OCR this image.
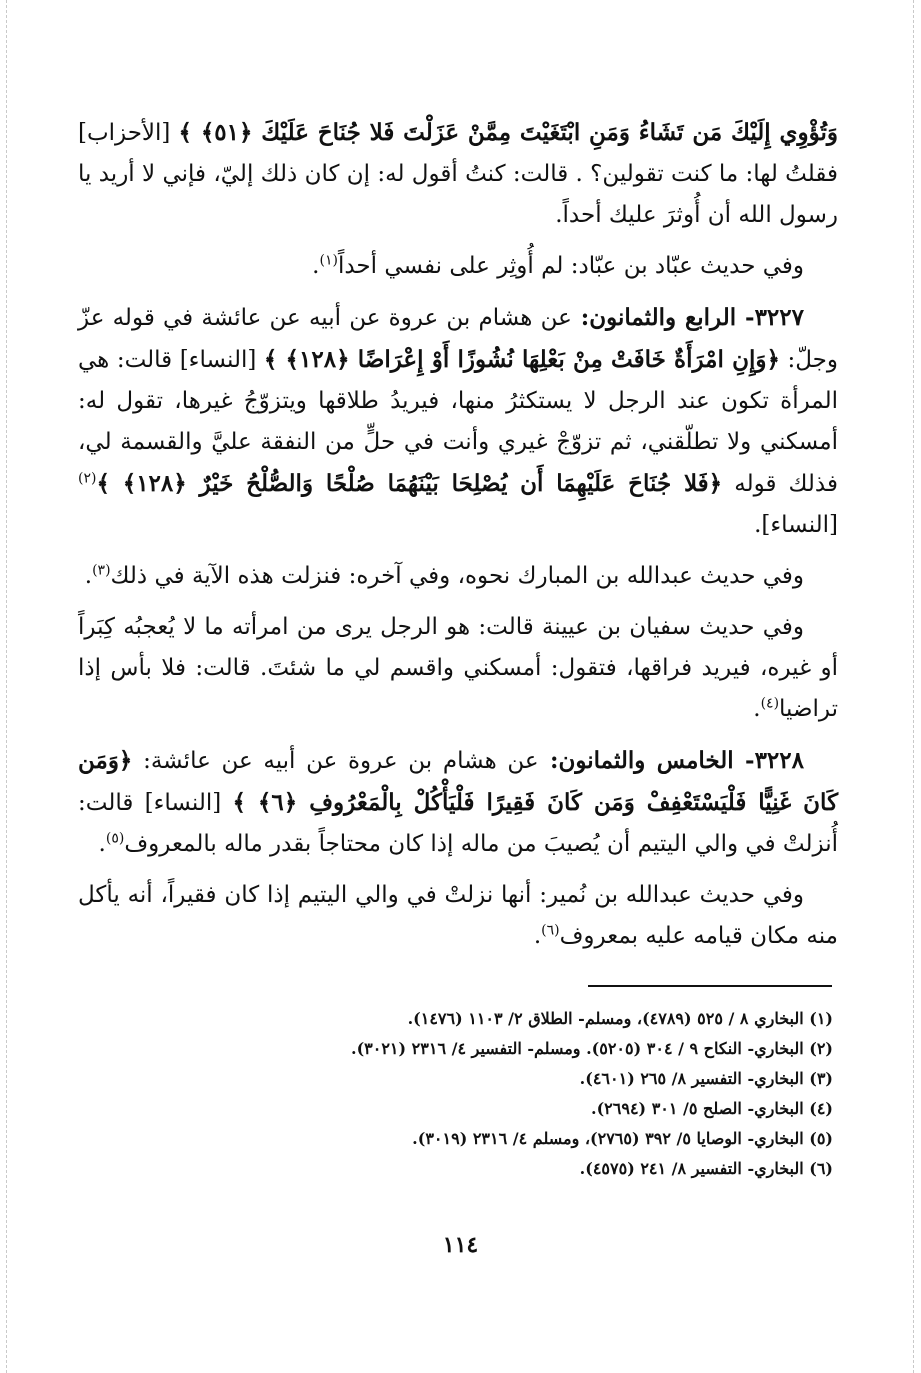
وَتُؤْوِي إِلَيْكَ مَن تَشَاءُ وَمَنِ ابْتَغَيْتَ مِمَّنْ عَزَلْتَ فَلا جُنَاحَ عَلَيْكَ ﴿٥١﴾ ﴾ [الأحزاب] فقلتُ لها: ما كنت تقولين؟ . قالت: كنتُ أقول له: إن كان ذلك إليّ، فإني لا أريد يا رسول الله أن أُوثرَ عليك أحداً.

وفي حديث عبّاد بن عبّاد: لم أُوثِر على نفسي أحداً$^{(١)}$.

٣٢٢٧- الرابع والثمانون: عن هشام بن عروة عن أبيه عن عائشة في قوله عزّ وجلّ: ﴿وَإِنِ امْرَأَةٌ خَافَتْ مِنْ بَعْلِهَا نُشُوزًا أَوْ إِعْرَاضًا ﴿١٢٨﴾ ﴾ [النساء] قالت: هي المرأة تكون عند الرجل لا يستكثرُ منها، فيريدُ طلاقها ويتزوّجُ غيرها، تقول له: أمسكني ولا تطلّقني، ثم تزوّجْ غيري وأنت في حلٍّ من النفقة عليَّ والقسمة لي، فذلك قوله ﴿فَلا جُنَاحَ عَلَيْهِمَا أَن يُصْلِحَا بَيْنَهُمَا صُلْحًا وَالصُّلْحُ خَيْرٌ ﴿١٢٨﴾ ﴾$^{(٢)}$ [النساء].

وفي حديث عبدالله بن المبارك نحوه، وفي آخره: فنزلت هذه الآية في ذلك$^{(٣)}$.

وفي حديث سفيان بن عيينة قالت: هو الرجل يرى من امرأته ما لا يُعجبُه كِبَراً أو غيره، فيريد فراقها، فتقول: أمسكني واقسم لي ما شئتَ. قالت: فلا بأس إذا تراضيا$^{(٤)}$.

٣٢٢٨- الخامس والثمانون: عن هشام بن عروة عن أبيه عن عائشة: ﴿وَمَن كَانَ غَنِيًّا فَلْيَسْتَعْفِفْ وَمَن كَانَ فَقِيرًا فَلْيَأْكُلْ بِالْمَعْرُوفِ ﴿٦﴾ ﴾ [النساء] قالت: أُنزلتْ في والي اليتيم أن يُصيبَ من ماله إذا كان محتاجاً بقدر ماله بالمعروف$^{(٥)}$.

وفي حديث عبدالله بن نُمير: أنها نزلتْ في والي اليتيم إذا كان فقيراً، أنه يأكل منه مكان قيامه عليه بمعروف$^{(٦)}$.

(١) البخاري ٨ / ٥٢٥ (٤٧٨٩)، ومسلم- الطلاق ٢/ ١١٠٣ (١٤٧٦).

(٢) البخاري- النكاح ٩ / ٣٠٤ (٥٢٠٥). ومسلم- التفسير ٤/ ٢٣١٦ (٣٠٢١).

(٣) البخاري- التفسير ٨/ ٢٦٥ (٤٦٠١).

(٤) البخاري- الصلح ٥/ ٣٠١ (٢٦٩٤).

(٥) البخاري- الوصايا ٥/ ٣٩٢ (٢٧٦٥)، ومسلم ٤/ ٢٣١٦ (٣٠١٩).

(٦) البخاري- التفسير ٨/ ٢٤١ (٤٥٧٥).

١١٤
